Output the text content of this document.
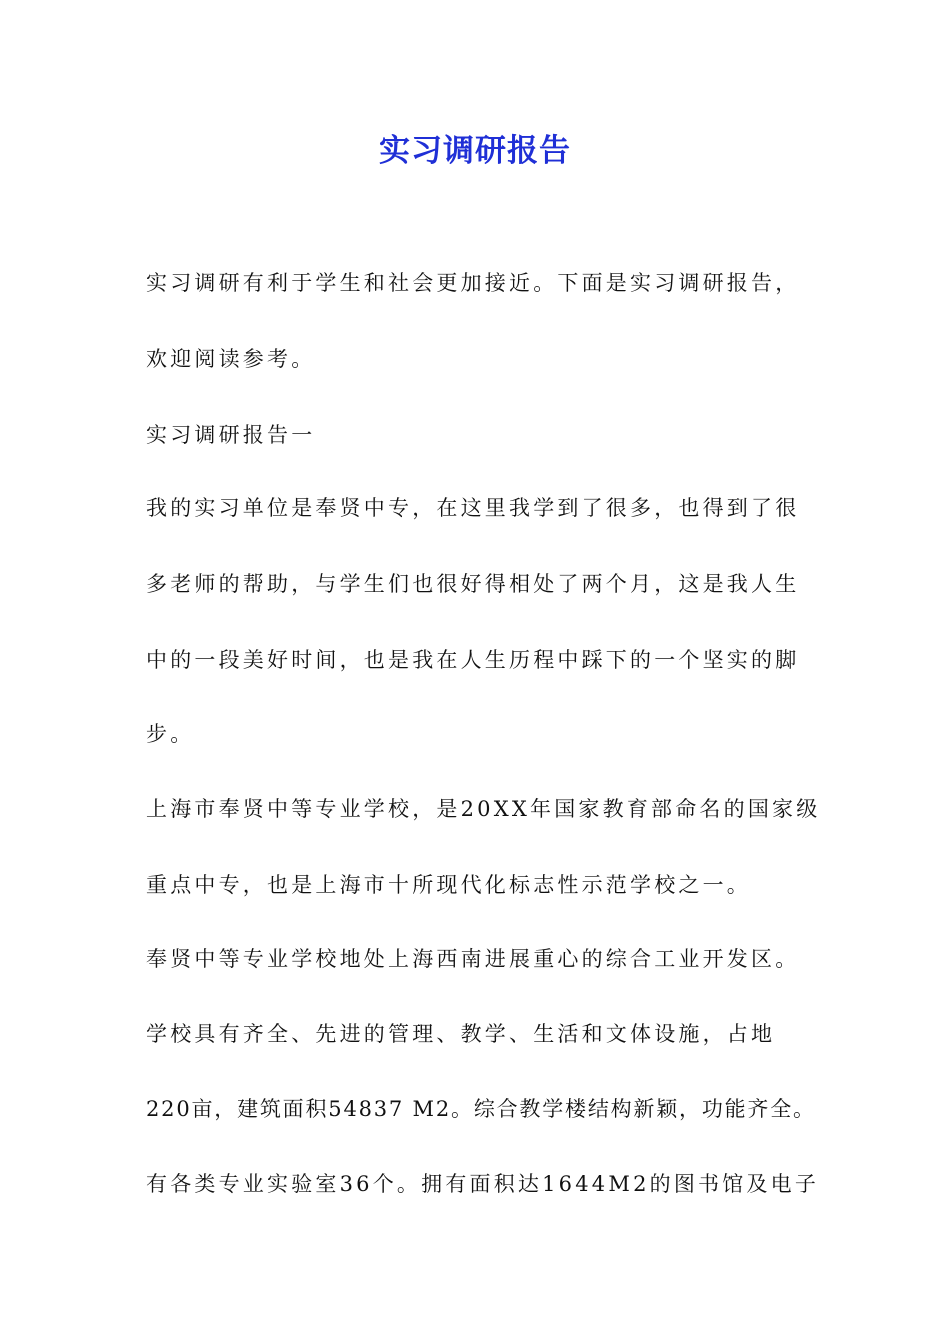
实习调研报告
实习调研有利于学生和社会更加接近。下面是实习调研报告，
欢迎阅读参考。
实习调研报告一
我的实习单位是奉贤中专，在这里我学到了很多，也得到了很
多老师的帮助，与学生们也很好得相处了两个月，这是我人生
中的一段美好时间，也是我在人生历程中踩下的一个坚实的脚
步。
上海市奉贤中等专业学校，是20XX年国家教育部命名的国家级
重点中专，也是上海市十所现代化标志性示范学校之一。
奉贤中等专业学校地处上海西南进展重心的综合工业开发区。
学校具有齐全、先进的管理、教学、生活和文体设施，占地
220亩，建筑面积54837 M2。综合教学楼结构新颖，功能齐全。
有各类专业实验室36个。拥有面积达1644M2的图书馆及电子
